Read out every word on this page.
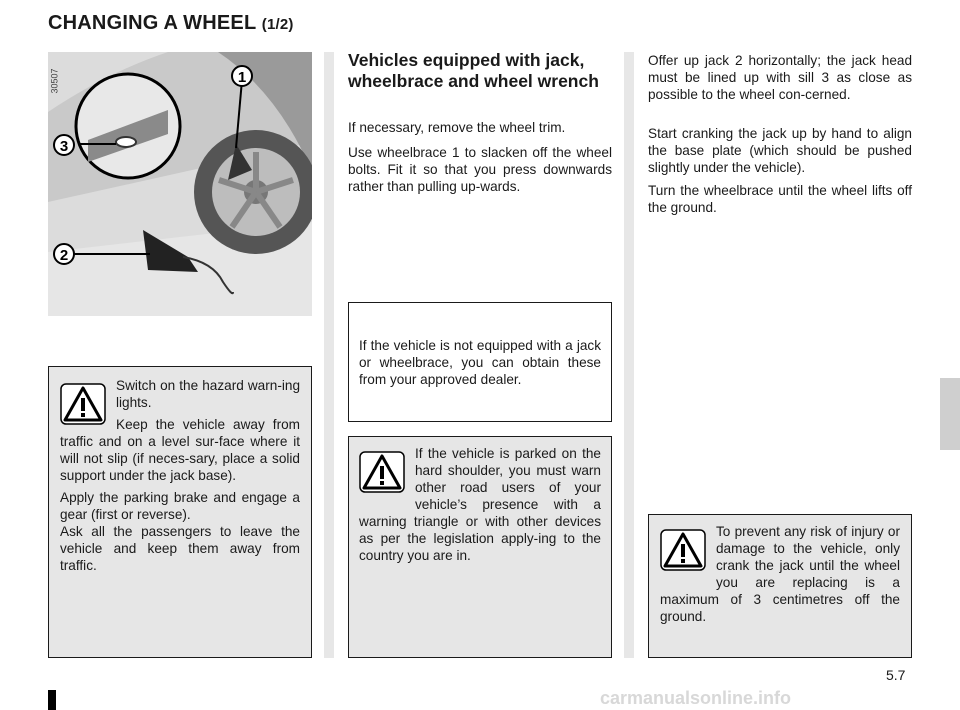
CHANGING A WHEEL (1/2)
1
3
2
30507
Vehicles equipped with jack, wheelbrace and wheel wrench

If necessary, remove the wheel trim.

Use wheelbrace 1 to slacken off the wheel bolts. Fit it so that you press downwards rather than pulling up-wards.

Offer up jack 2 horizontally; the jack head must be lined up with sill 3 as close as possible to the wheel con-cerned.

Start cranking the jack up by hand to align the base plate (which should be pushed slightly under the vehicle).

Turn the wheelbrace until the wheel lifts off the ground.

Switch on the hazard warn-ing lights.

Keep the vehicle away from traffic and on a level sur-face where it will not slip (if neces-sary, place a solid support under the jack base).

Apply the parking brake and engage a gear (first or reverse).

Ask all the passengers to leave the vehicle and keep them away from traffic.

If the vehicle is not equipped with a jack or wheelbrace, you can obtain these from your approved dealer.

If the vehicle is parked on the hard shoulder, you must warn other road users of your vehicle’s presence with a warning triangle or with other devices as per the legislation apply-ing to the country you are in.

To prevent any risk of injury or damage to the vehicle, only crank the jack until the wheel you are replacing is a maximum of 3 centimetres off the ground.

5.7
carmanualsonline.info
